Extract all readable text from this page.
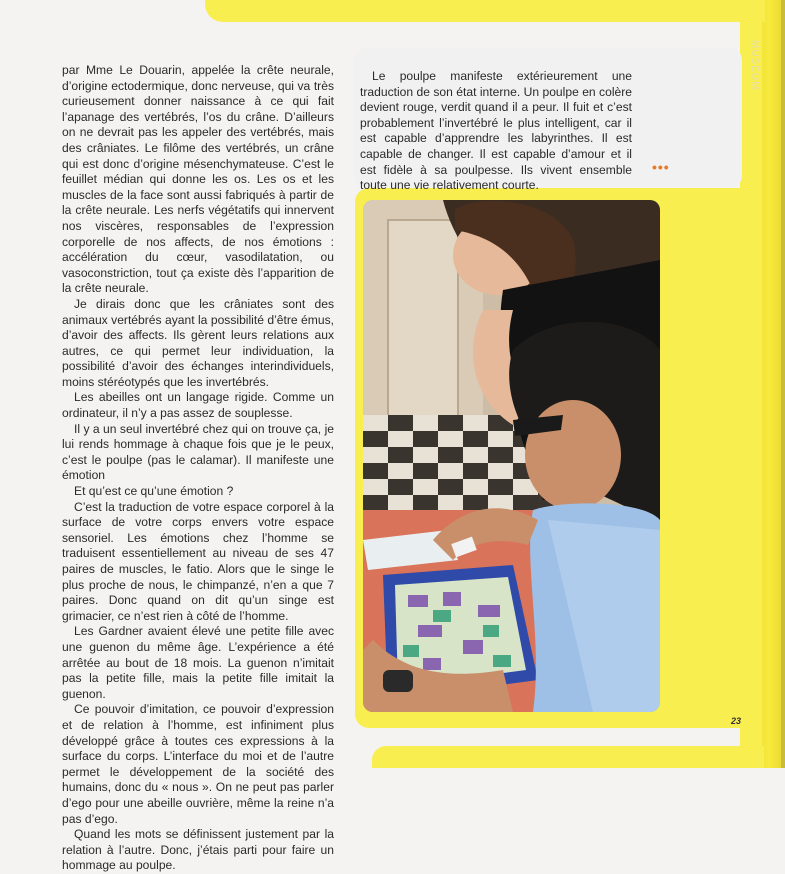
MUSEUM

par Mme Le Douarin, appelée la crête neurale, d’origine ectodermique, donc nerveuse, qui va très curieusement donner naissance à ce qui fait l’apanage des vertébrés, l’os du crâne. D’ailleurs on ne devrait pas les appeler des vertébrés, mais des crâniates. Le filôme des vertébrés, un crâne qui est donc d’origine mésenchymateuse. C’est le feuillet médian qui donne les os. Les os et les muscles de la face sont aussi fabriqués à partir de la crête neurale. Les nerfs végétatifs qui innervent nos viscères, responsables de l’expression corporelle de nos affects, de nos émotions : accélération du cœur, vasodilatation, ou vasoconstriction, tout ça existe dès l’apparition de la crête neurale.

Je dirais donc que les crâniates sont des animaux vertébrés ayant la possibilité d’être émus, d’avoir des affects. Ils gèrent leurs relations aux autres, ce qui permet leur individuation, la possibilité d’avoir des échanges interindividuels, moins stéréotypés que les invertébrés.

Les abeilles ont un langage rigide. Comme un ordinateur, il n’y a pas assez de souplesse.

Il y a un seul invertébré chez qui on trouve ça, je lui rends hommage à chaque fois que je le peux, c’est le poulpe (pas le calamar). Il manifeste une émotion

Et qu’est ce qu’une émotion ?

C’est la traduction de votre espace corporel à la surface de votre corps envers votre espace sensoriel. Les émotions chez l’homme se traduisent essentiellement au niveau de ses 47 paires de muscles, le fatio. Alors que le singe le plus proche de nous, le chimpanzé, n’en a que 7 paires. Donc quand on dit qu’un singe est grimacier, ce n’est rien à côté de l’homme.

Les Gardner avaient élevé une petite fille avec une guenon du même âge. L’expérience a été arrêtée au bout de 18 mois. La guenon n’imitait pas la petite fille, mais la petite fille imitait la guenon.

Ce pouvoir d’imitation, ce pouvoir d’expression et de relation à l’homme, est infiniment plus développé grâce à toutes ces expressions à la surface du corps. L’interface du moi et de l’autre permet le développement de la société des humains, donc du « nous ». On ne peut pas parler d’ego pour une abeille ouvrière, même la reine n’a pas d’ego.

Quand les mots se définissent justement par la relation à l’autre. Donc, j’étais parti pour faire un hommage au poulpe.

Le poulpe manifeste extérieurement une traduction de son état interne. Un poulpe en colère devient rouge, verdit quand il a peur. Il fuit et c’est probablement l’invertébré le plus intelligent, car il est capable d’apprendre les labyrinthes. Il est capable de changer. Il est capable d’amour et il est fidèle à sa poulpesse. Ils vivent ensemble toute une vie relativement courte.

•••
23
